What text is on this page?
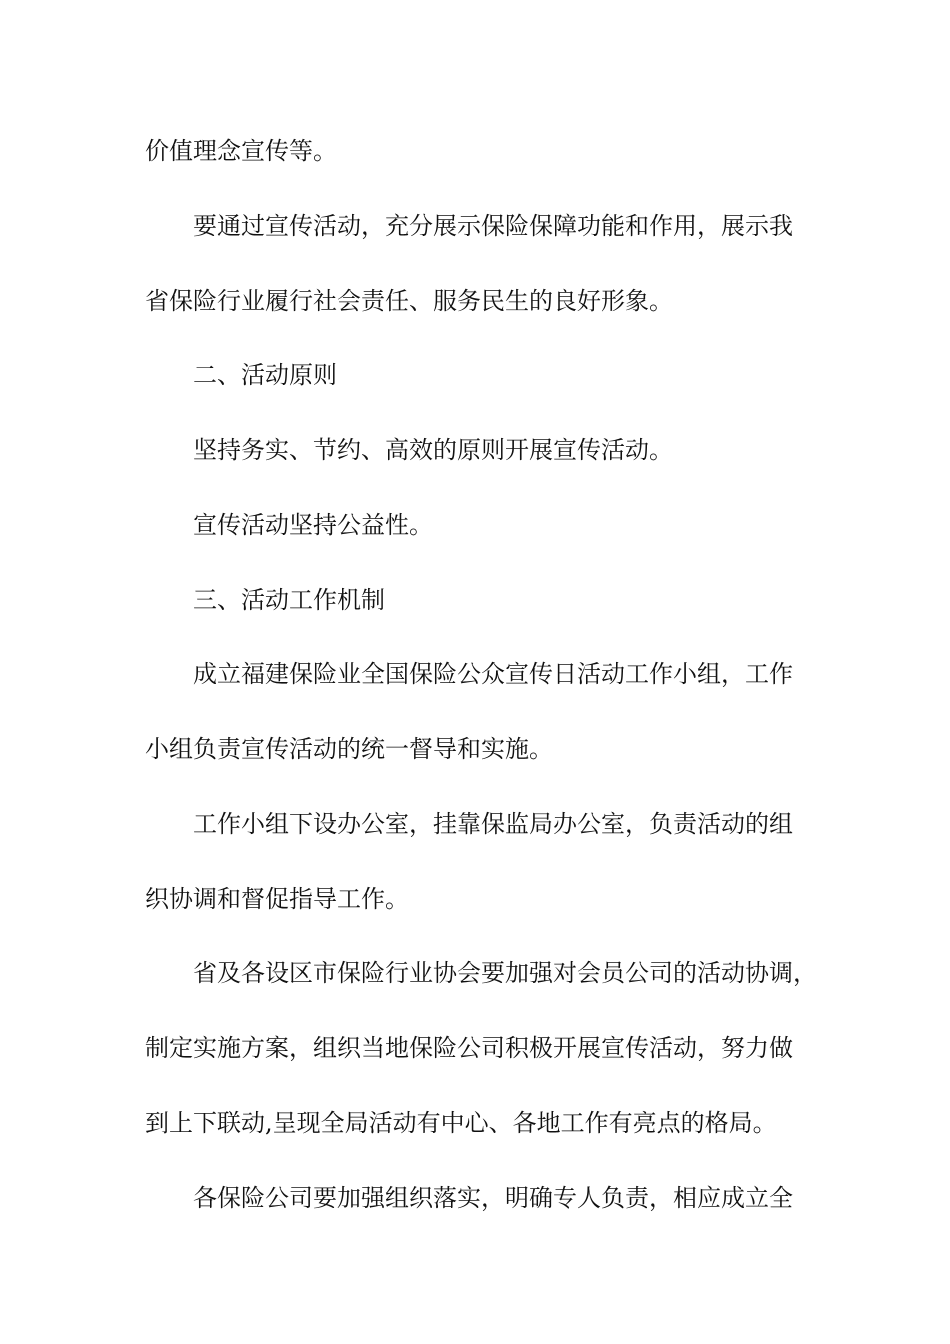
价值理念宣传等。
要通过宣传活动，充分展示保险保障功能和作用，展示我
省保险行业履行社会责任、服务民生的良好形象。
二、活动原则
坚持务实、节约、高效的原则开展宣传活动。
宣传活动坚持公益性。
三、活动工作机制
成立福建保险业全国保险公众宣传日活动工作小组，工作
小组负责宣传活动的统一督导和实施。
工作小组下设办公室，挂靠保监局办公室，负责活动的组
织协调和督促指导工作。
省及各设区市保险行业协会要加强对会员公司的活动协调，
制定实施方案，组织当地保险公司积极开展宣传活动，努力做
到上下联动,呈现全局活动有中心、各地工作有亮点的格局。
各保险公司要加强组织落实，明确专人负责，相应成立全
